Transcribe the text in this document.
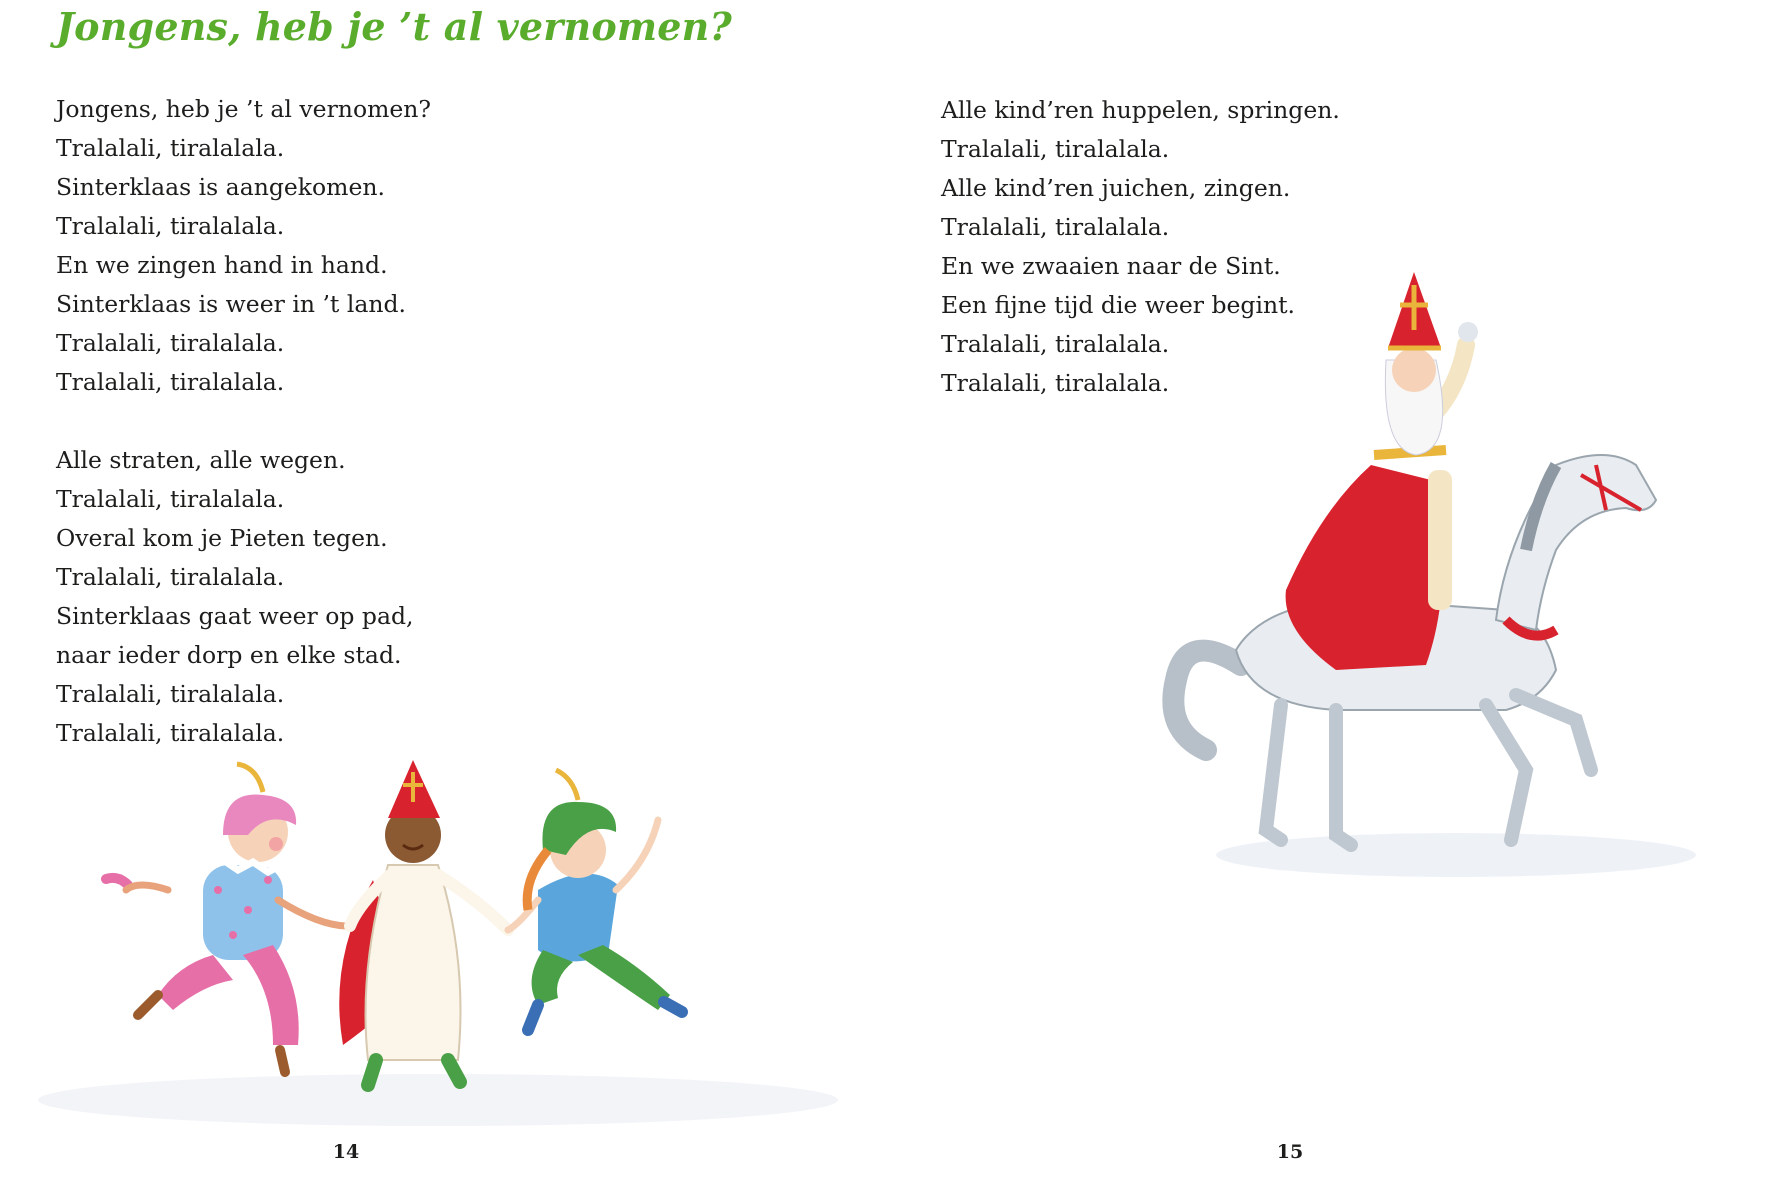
Jongens, heb je ’t al vernomen?
Jongens, heb je ’t al vernomen?
Tralalali, tiralalala.
Sinterklaas is aangekomen.
Tralalali, tiralalala.
En we zingen hand in hand.
Sinterklaas is weer in ’t land.
Tralalali, tiralalala.
Tralalali, tiralalala.
Alle straten, alle wegen.
Tralalali, tiralalala.
Overal kom je Pieten tegen.
Tralalali, tiralalala.
Sinterklaas gaat weer op pad,
naar ieder dorp en elke stad.
Tralalali, tiralalala.
Tralalali, tiralalala.
14
Alle kind’ren huppelen, springen.
Tralalali, tiralalala.
Alle kind’ren juichen, zingen.
Tralalali, tiralalala.
En we zwaaien naar de Sint.
Een fijne tijd die weer begint.
Tralalali, tiralalala.
Tralalali, tiralalala.
15
